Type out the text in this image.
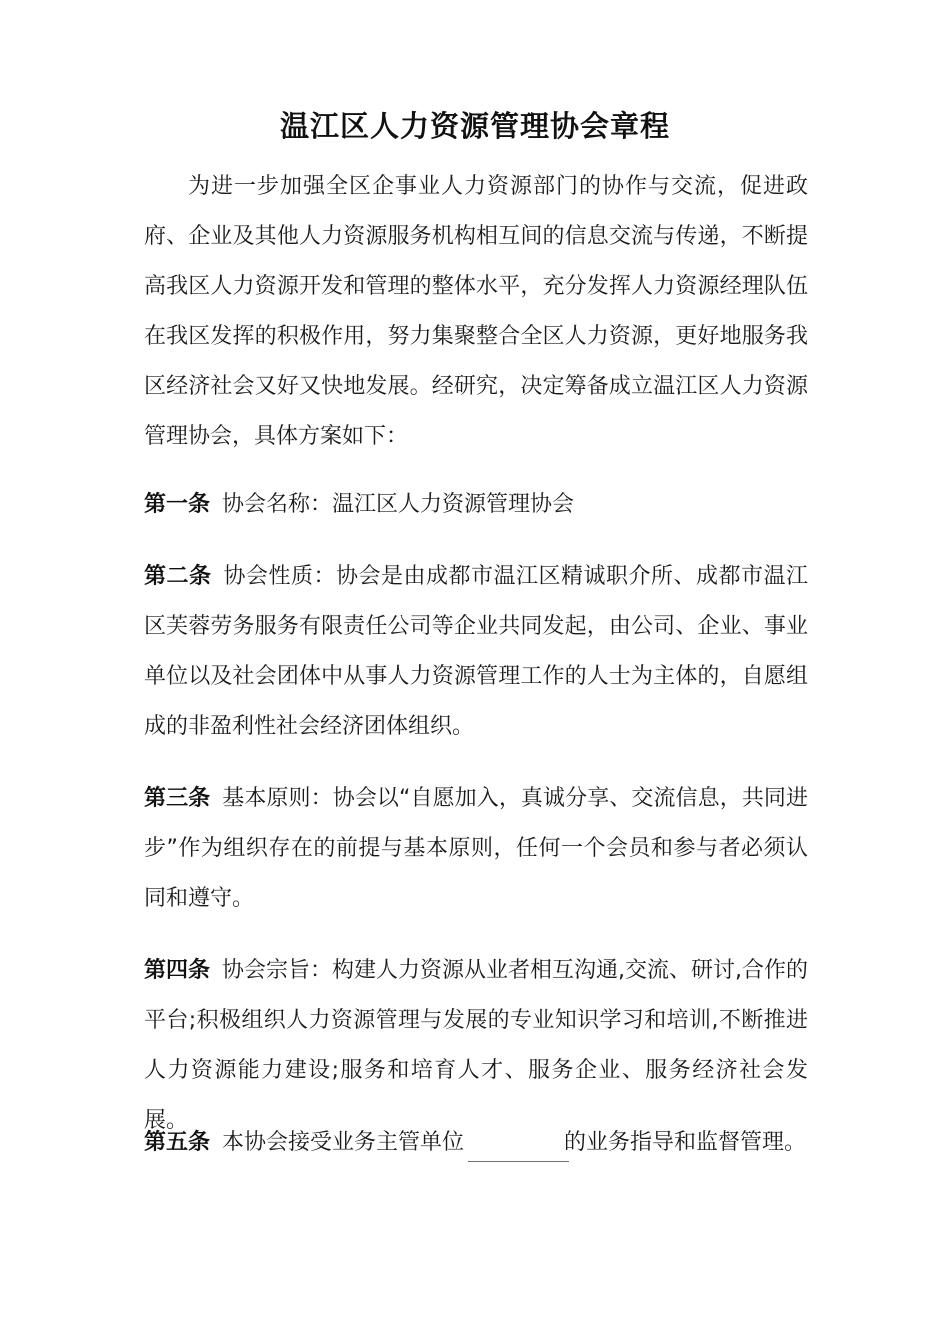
温江区人力资源管理协会章程

为进一步加强全区企事业人力资源部门的协作与交流，促进政府、企业及其他人力资源服务机构相互间的信息交流与传递，不断提高我区人力资源开发和管理的整体水平，充分发挥人力资源经理队伍在我区发挥的积极作用，努力集聚整合全区人力资源，更好地服务我区经济社会又好又快地发展。经研究，决定筹备成立温江区人力资源管理协会，具体方案如下：

第一条 协会名称：温江区人力资源管理协会

第二条 协会性质：协会是由成都市温江区精诚职介所、成都市温江区芙蓉劳务服务有限责任公司等企业共同发起，由公司、企业、事业单位以及社会团体中从事人力资源管理工作的人士为主体的，自愿组成的非盈利性社会经济团体组织。

第三条 基本原则：协会以“自愿加入，真诚分享、交流信息，共同进步”作为组织存在的前提与基本原则，任何一个会员和参与者必须认同和遵守。

第四条 协会宗旨：构建人力资源从业者相互沟通,交流、研讨,合作的平台;积极组织人力资源管理与发展的专业知识学习和培训,不断推进人力资源能力建设;服务和培育人才、服务企业、服务经济社会发展。

第五条 本协会接受业务主管单位	的业务指导和监督管理。
